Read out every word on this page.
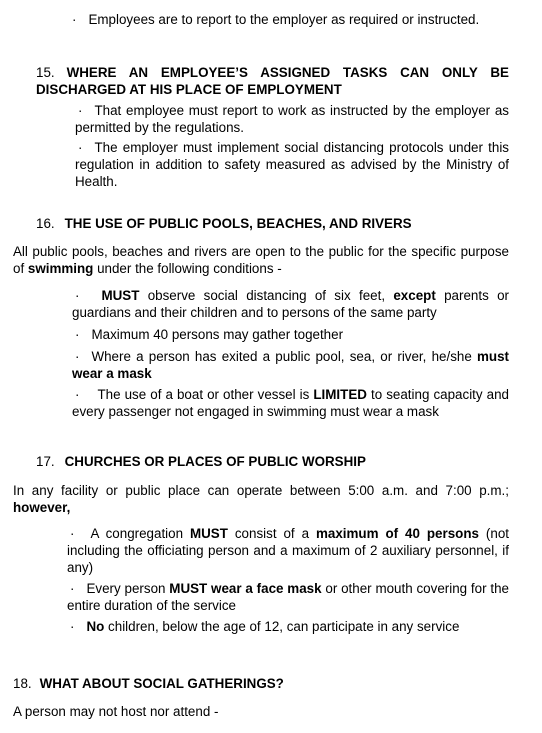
· Employees are to report to the employer as required or instructed.
15. WHERE AN EMPLOYEE’S ASSIGNED TASKS CAN ONLY BE
DISCHARGED AT HIS PLACE OF EMPLOYMENT
· That employee must report to work as instructed by the employer as permitted by the regulations.
· The employer must implement social distancing protocols under this regulation in addition to safety measured as advised by the Ministry of Health.
16. THE USE OF PUBLIC POOLS, BEACHES, AND RIVERS
All public pools, beaches and rivers are open to the public for the specific purpose of swimming under the following conditions -
· MUST observe social distancing of six feet, except parents or guardians and their children and to persons of the same party
· Maximum 40 persons may gather together
· Where a person has exited a public pool, sea, or river, he/she must wear a mask
· The use of a boat or other vessel is LIMITED to seating capacity and every passenger not engaged in swimming must wear a mask
17. CHURCHES OR PLACES OF PUBLIC WORSHIP
In any facility or public place can operate between 5:00 a.m. and 7:00 p.m.; however,
· A congregation MUST consist of a maximum of 40 persons (not including the officiating person and a maximum of 2 auxiliary personnel, if any)
· Every person MUST wear a face mask or other mouth covering for the entire duration of the service
· No children, below the age of 12, can participate in any service
18. WHAT ABOUT SOCIAL GATHERINGS?
A person may not host nor attend -
